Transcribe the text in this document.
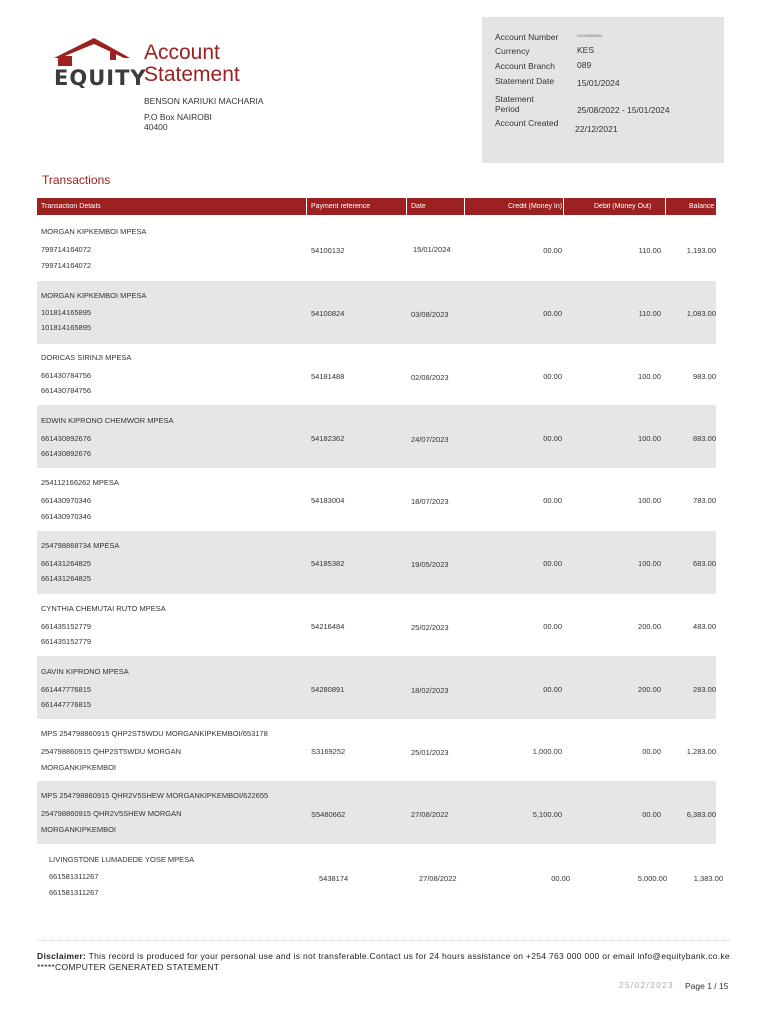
EQUITY
Account
Statement
BENSON KARIUKI MACHARIA
P.O Box NAIROBI
40400
Account Number	0110195984500
Currency	KES
Account Branch	089
Statement Date	15/01/2024
Statement
Period	25/08/2022 - 15/01/2024
Account Created
22/12/2021
Transactions
Transaction Details	Payment reference	Date	Credit (Money In)	Debit (Money Out)	Balance
MORGAN KIPKEMBOI MPESA
799714164072
799714164072
54100132	15/01/2024	00.00	110.00	1,193.00
MORGAN KIPKEMBOI MPESA
101814165895
101814165895
54100824	03/08/2023	00.00	110.00	1,083.00
DORICAS SIRINJI MPESA
661430784756
661430784756
54181488	02/08/2023	00.00	100.00	983.00
EDWIN KIPRONO CHEMWOR MPESA
661430892676
661430892676
54182362	24/07/2023	00.00	100.00	883.00
254112166262 MPESA
661430970346
661430970346
54183004	18/07/2023	00.00	100.00	783.00
254798868734 MPESA
661431264825
661431264825
54185382	19/05/2023	00.00	100.00	683.00
CYNTHIA CHEMUTAI RUTO MPESA
661435152779
661435152779
54216484	25/02/2023	00.00	200.00	483.00
GAVIN KIPRONO MPESA
661447776815
661447776815
54280891	18/02/2023	00.00	200.00	283.00
MPS 254798860915 QHP2ST5WDU MORGANKIPKEMBOI/653178
254798860915 QHP2ST5WDU MORGAN
MORGANKIPKEMBOI
S3169252	25/01/2023	1,000.00	00.00	1,283.00
MPS 254798860915 QHR2V5SHEW MORGANKIPKEMBOI/622655
254798860915 QHR2V5SHEW MORGAN
MORGANKIPKEMBOI
S5480662	27/08/2022	5,100.00	00.00	6,383.00
LIVINGSTONE LUMADEDE YOSE MPESA
661581311267
661581311267
5438174	27/08/2022	00.00	5,000.00	1,383.00
Disclaimer: This record is produced for your personal use and is not transferable.Contact us for 24 hours assistance on +254 763 000 000 or email info@equitybank.co.ke *****COMPUTER GENERATED STATEMENT
25/02/2023 Page 1 / 15
